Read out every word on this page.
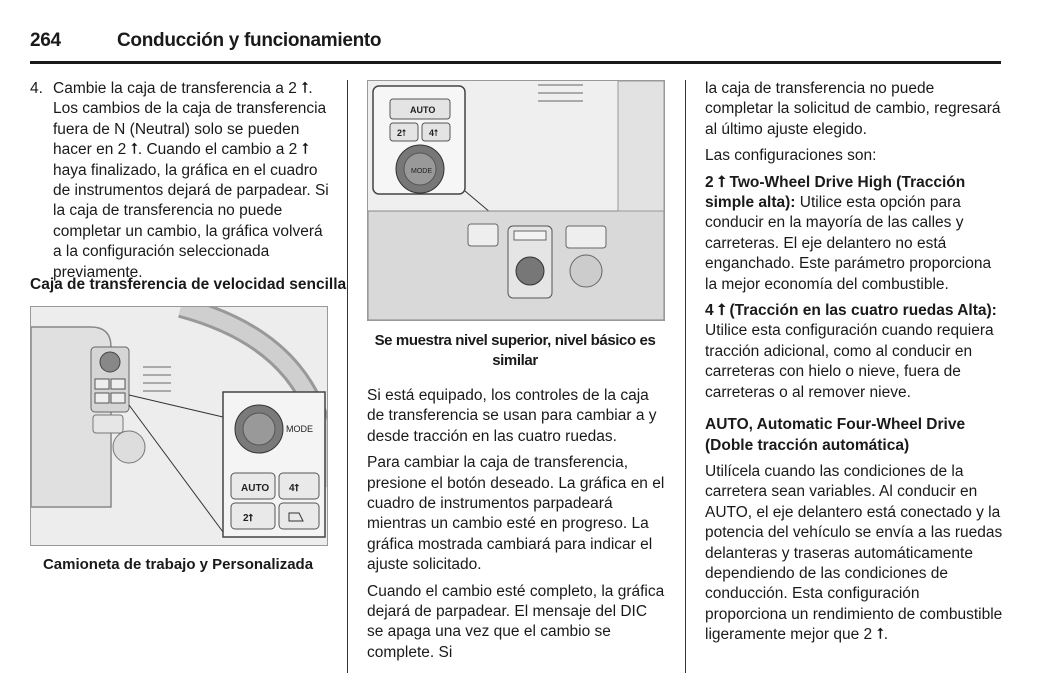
264	Conducción y funcionamiento
4. Cambie la caja de transferencia a 2 ⭡. Los cambios de la caja de transferencia fuera de N (Neutral) solo se pueden hacer en 2 ⭡. Cuando el cambio a 2 ⭡ haya finalizado, la gráfica en el cuadro de instrumentos dejará de parpadear. Si la caja de transferencia no puede completar un cambio, la gráfica volverá a la configuración seleccionada previamente.
Caja de transferencia de velocidad sencilla
MODE
AUTO 4⭡
2⭡
Camioneta de trabajo y Personalizada
AUTO
2⭡	4⭡
MODE
Se muestra nivel superior, nivel básico es similar

Si está equipado, los controles de la caja de transferencia se usan para cambiar a y desde tracción en las cuatro ruedas.

Para cambiar la caja de transferencia, presione el botón deseado. La gráfica en el cuadro de instrumentos parpadeará mientras un cambio esté en progreso. La gráfica mostrada cambiará para indicar el ajuste solicitado.

Cuando el cambio esté completo, la gráfica dejará de parpadear. El mensaje del DIC se apaga una vez que el cambio se complete. Si

la caja de transferencia no puede completar la solicitud de cambio, regresará al último ajuste elegido.

Las configuraciones son:

2 ⭡ Two-Wheel Drive High (Tracción simple alta): Utilice esta opción para conducir en la mayoría de las calles y carreteras. El eje delantero no está enganchado. Este parámetro proporciona la mejor economía del combustible.

4 ⭡ (Tracción en las cuatro ruedas Alta): Utilice esta configuración cuando requiera tracción adicional, como al conducir en carreteras con hielo o nieve, fuera de carreteras o al remover nieve.

AUTO, Automatic Four-Wheel Drive (Doble tracción automática)

Utilícela cuando las condiciones de la carretera sean variables. Al conducir en AUTO, el eje delantero está conectado y la potencia del vehículo se envía a las ruedas delanteras y traseras automáticamente dependiendo de las condiciones de conducción. Esta configuración proporciona un rendimiento de combustible ligeramente mejor que 2 ⭡.
